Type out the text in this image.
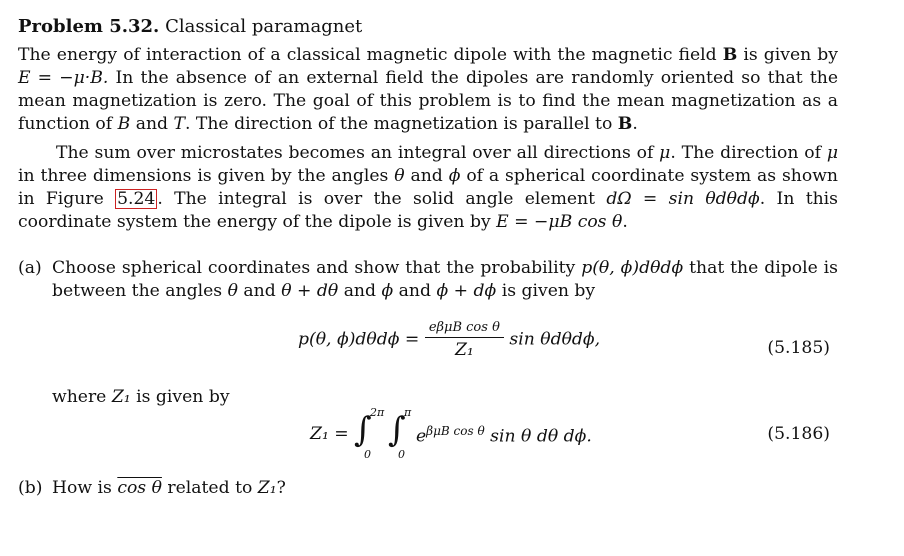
Problem 5.32. Classical paramagnet

The energy of interaction of a classical magnetic dipole with the magnetic field B is given by E = −μ·B. In the absence of an external field the dipoles are randomly oriented so that the mean magnetization is zero. The goal of this problem is to find the mean magnetization as a function of B and T. The direction of the magnetization is parallel to B.

The sum over microstates becomes an integral over all directions of μ. The direction of μ in three dimensions is given by the angles θ and ϕ of a spherical coordinate system as shown in Figure 5.24 . The integral is over the solid angle element dΩ = sin θdθdϕ. In this coordinate system the energy of the dipole is given by E = −μB cos θ.

(a) Choose spherical coordinates and show that the probability p(θ, ϕ)dθdϕ that the dipole is between the angles θ and θ + dθ and ϕ and ϕ + dϕ is given by
p(θ, $\phi)d\theta d\phi = \frac{\text{eβμB cos θ}}{\text{Z₁}}$ sin θdθdϕ,	(5.185)
where Z₁ is given by
Z₁ = ∫
2π
0
∫
π
0
$e^{\beta\mu B cos \theta}$ sin θ dθ dϕ.	(5.186)
(b) How is cos θ related to Z₁?
